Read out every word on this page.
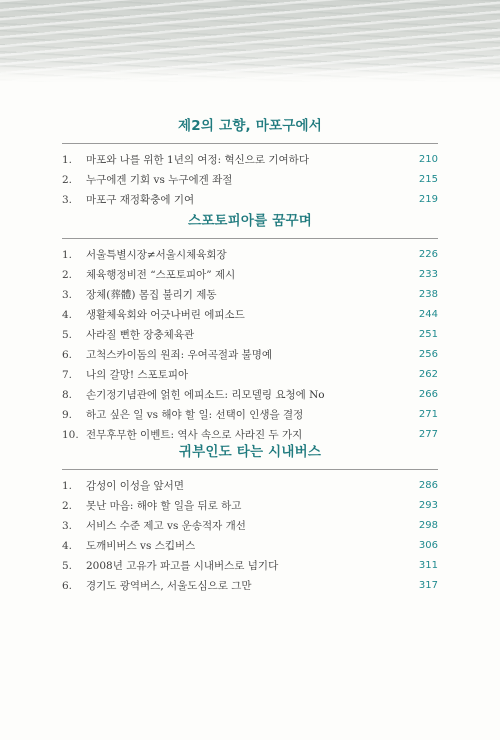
제2의 고향, 마포구에서
1.	마포와 나를 위한 1년의 여정: 혁신으로 기여하다	210
2.	누구에겐 기회 vs 누구에겐 좌절	215
3.	마포구 재정확충에 기여	219
스포토피아를 꿈꾸며
1.	서울특별시장≠서울시체육회장	226
2.	체육행정비전 “스포토피아” 제시	233
3.	장체(葬體) 몸집 불리기 제동	238
4.	생활체육회와 어긋나버린 에피소드	244
5.	사라질 뻔한 장충체육관	251
6.	고척스카이돔의 원죄: 우여곡절과 불명예	256
7.	나의 갈망! 스포토피아	262
8.	손기정기념관에 얽힌 에피소드: 리모델링 요청에 No	266
9.	하고 싶은 일 vs 해야 할 일: 선택이 인생을 결정	271
10. 전무후무한 이벤트: 역사 속으로 사라진 두 가지	277
귀부인도 타는 시내버스
1.	감성이 이성을 앞서면	286
2.	못난 마음: 해야 할 일을 뒤로 하고	293
3.	서비스 수준 제고 vs 운송적자 개선	298
4.	도깨비버스 vs 스킵버스	306
5.	2008년 고유가 파고를 시내버스로 넘기다	311
6.	경기도 광역버스, 서울도심으로 그만	317
